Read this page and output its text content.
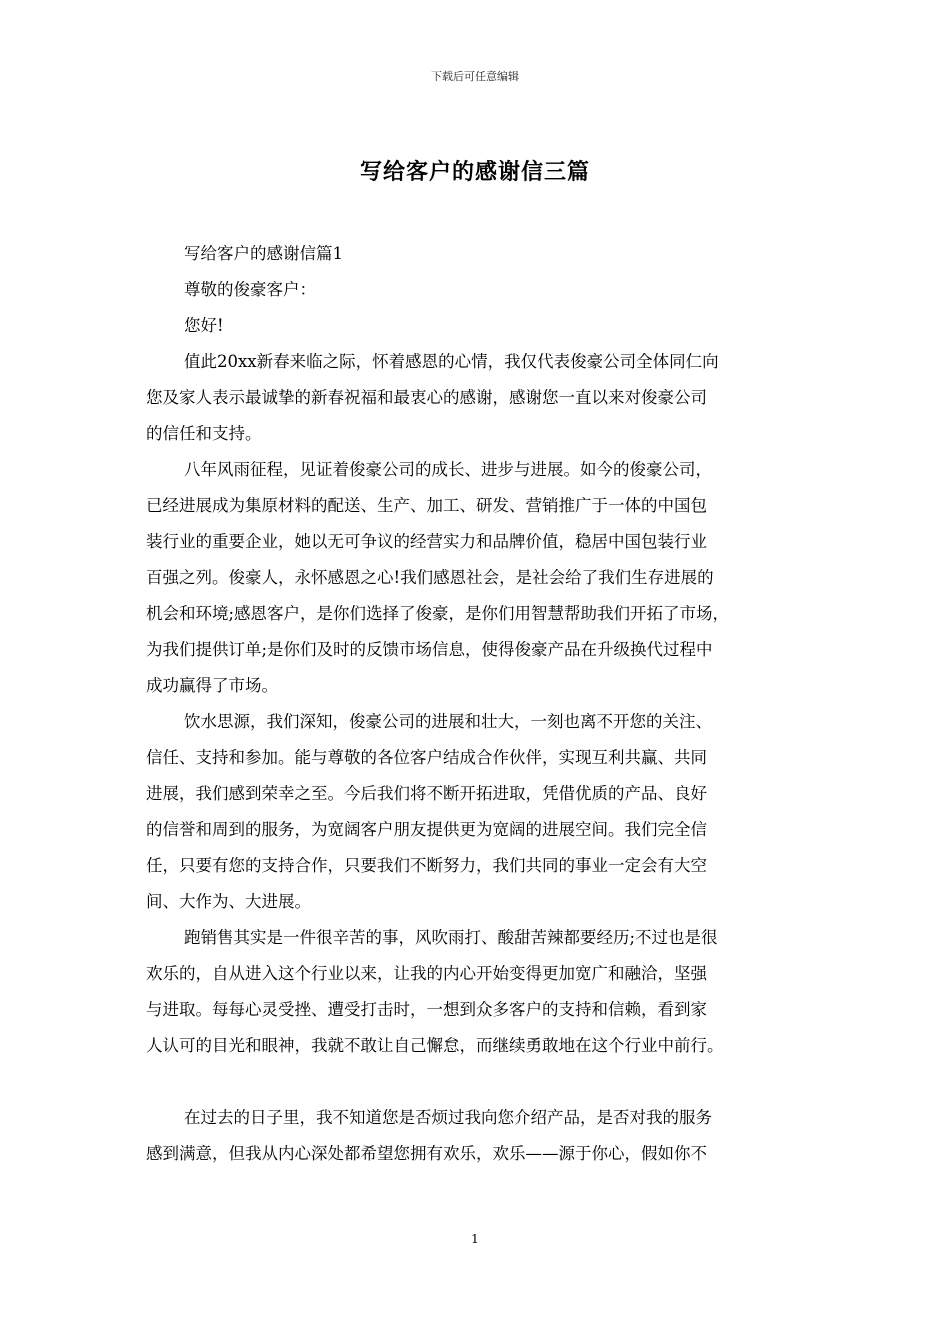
下载后可任意编辑
写给客户的感谢信三篇
写给客户的感谢信篇1
尊敬的俊豪客户：
您好!
值此20xx新春来临之际，怀着感恩的心情，我仅代表俊豪公司全体同仁向
您及家人表示最诚挚的新春祝福和最衷心的感谢，感谢您一直以来对俊豪公司
的信任和支持。
八年风雨征程，见证着俊豪公司的成长、进步与进展。如今的俊豪公司，
已经进展成为集原材料的配送、生产、加工、研发、营销推广于一体的中国包
装行业的重要企业，她以无可争议的经营实力和品牌价值，稳居中国包装行业
百强之列。俊豪人，永怀感恩之心!我们感恩社会，是社会给了我们生存进展的
机会和环境;感恩客户，是你们选择了俊豪，是你们用智慧帮助我们开拓了市场，
为我们提供订单;是你们及时的反馈市场信息，使得俊豪产品在升级换代过程中
成功赢得了市场。
饮水思源，我们深知，俊豪公司的进展和壮大，一刻也离不开您的关注、
信任、支持和参加。能与尊敬的各位客户结成合作伙伴，实现互利共赢、共同
进展，我们感到荣幸之至。今后我们将不断开拓进取，凭借优质的产品、良好
的信誉和周到的服务，为宽阔客户朋友提供更为宽阔的进展空间。我们完全信
任，只要有您的支持合作，只要我们不断努力，我们共同的事业一定会有大空
间、大作为、大进展。
跑销售其实是一件很辛苦的事，风吹雨打、酸甜苦辣都要经历;不过也是很
欢乐的，自从进入这个行业以来，让我的内心开始变得更加宽广和融洽，坚强
与进取。每每心灵受挫、遭受打击时，一想到众多客户的支持和信赖，看到家
人认可的目光和眼神，我就不敢让自己懈怠，而继续勇敢地在这个行业中前行。
在过去的日子里，我不知道您是否烦过我向您介绍产品，是否对我的服务
感到满意，但我从内心深处都希望您拥有欢乐，欢乐——源于你心，假如你不
1
